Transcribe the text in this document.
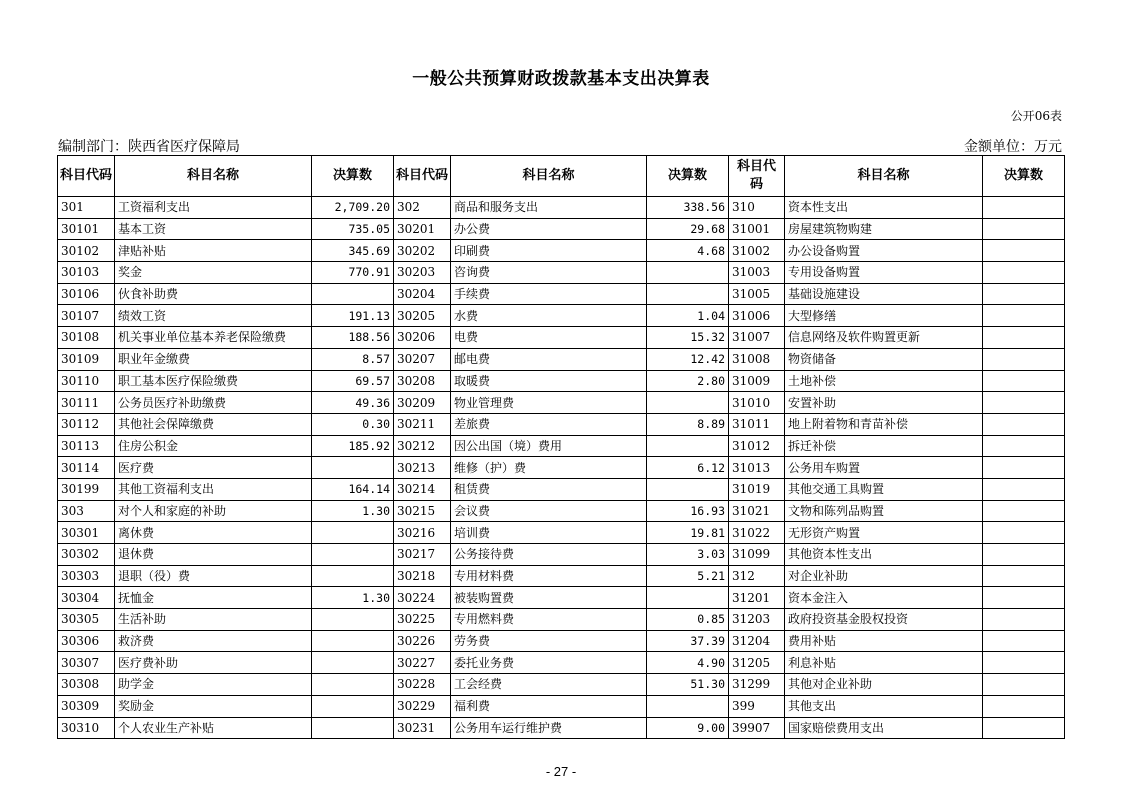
一般公共预算财政拨款基本支出决算表
公开06表
编制部门：陕西省医疗保障局	金额单位：万元
科目代码	科目名称	决算数	科目代码	科目名称	决算数	科目代码	科目名称	决算数
301	工资福利支出	2,709.20	302	商品和服务支出	338.56	310	资本性支出	
30101	基本工资	735.05	30201	办公费	29.68	31001	房屋建筑物购建	
30102	津贴补贴	345.69	30202	印刷费	4.68	31002	办公设备购置	
30103	奖金	770.91	30203	咨询费		31003	专用设备购置	
30106	伙食补助费		30204	手续费		31005	基础设施建设	
30107	绩效工资	191.13	30205	水费	1.04	31006	大型修缮	
30108	机关事业单位基本养老保险缴费	188.56	30206	电费	15.32	31007	信息网络及软件购置更新	
30109	职业年金缴费	8.57	30207	邮电费	12.42	31008	物资储备	
30110	职工基本医疗保险缴费	69.57	30208	取暖费	2.80	31009	土地补偿	
30111	公务员医疗补助缴费	49.36	30209	物业管理费		31010	安置补助	
30112	其他社会保障缴费	0.30	30211	差旅费	8.89	31011	地上附着物和青苗补偿	
30113	住房公积金	185.92	30212	因公出国（境）费用		31012	拆迁补偿	
30114	医疗费		30213	维修（护）费	6.12	31013	公务用车购置	
30199	其他工资福利支出	164.14	30214	租赁费		31019	其他交通工具购置	
303	对个人和家庭的补助	1.30	30215	会议费	16.93	31021	文物和陈列品购置	
30301	离休费		30216	培训费	19.81	31022	无形资产购置	
30302	退休费		30217	公务接待费	3.03	31099	其他资本性支出	
30303	退职（役）费		30218	专用材料费	5.21	312	对企业补助	
30304	抚恤金	1.30	30224	被装购置费		31201	资本金注入	
30305	生活补助		30225	专用燃料费	0.85	31203	政府投资基金股权投资	
30306	救济费		30226	劳务费	37.39	31204	费用补贴	
30307	医疗费补助		30227	委托业务费	4.90	31205	利息补贴	
30308	助学金		30228	工会经费	51.30	31299	其他对企业补助	
30309	奖励金		30229	福利费		399	其他支出	
30310	个人农业生产补贴		30231	公务用车运行维护费	9.00	39907	国家赔偿费用支出	
- 27 -
